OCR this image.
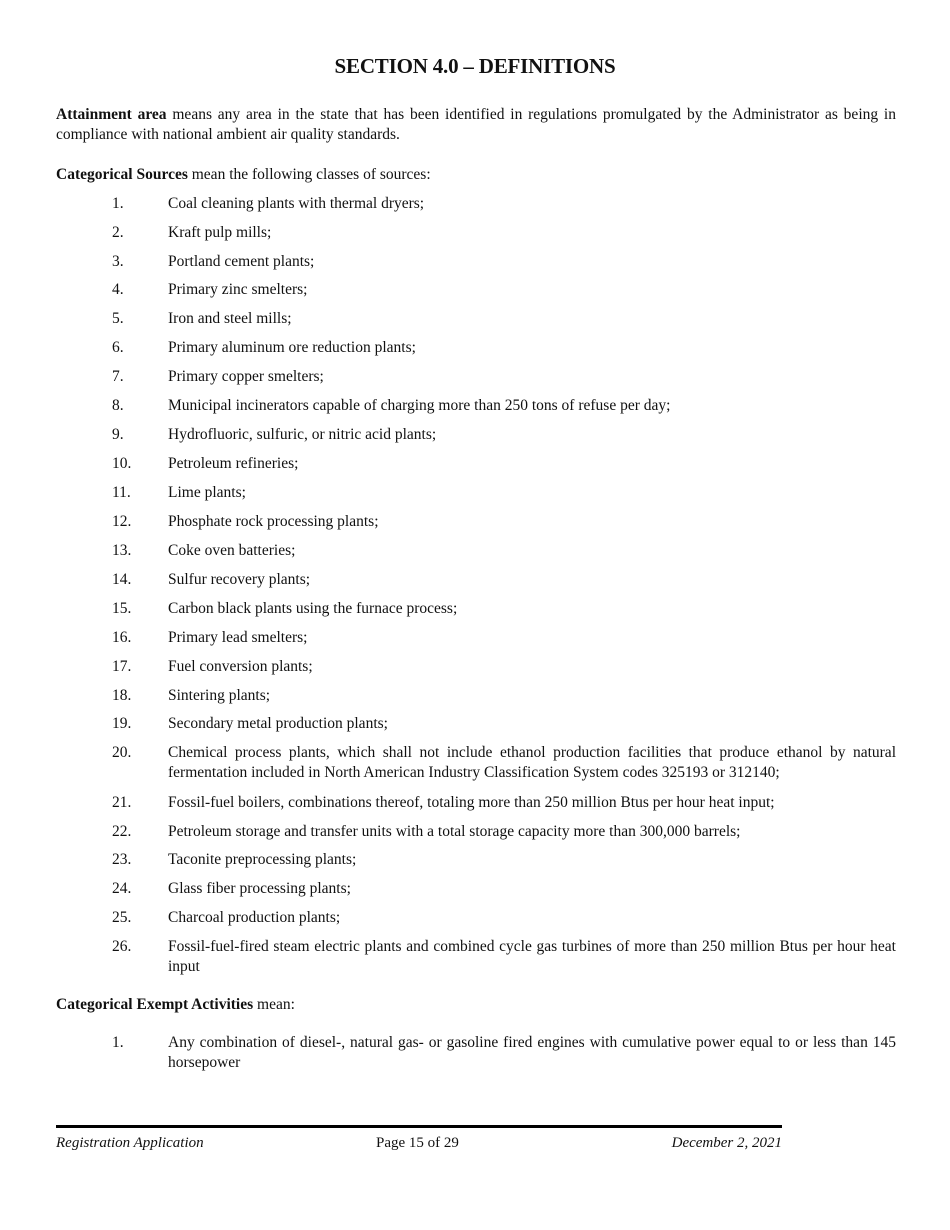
SECTION 4.0 – DEFINITIONS
Attainment area means any area in the state that has been identified in regulations promulgated by the Administrator as being in compliance with national ambient air quality standards.
Categorical Sources mean the following classes of sources:
1.	Coal cleaning plants with thermal dryers;
2.	Kraft pulp mills;
3.	Portland cement plants;
4.	Primary zinc smelters;
5.	Iron and steel mills;
6.	Primary aluminum ore reduction plants;
7.	Primary copper smelters;
8.	Municipal incinerators capable of charging more than 250 tons of refuse per day;
9.	Hydrofluoric, sulfuric, or nitric acid plants;
10.	Petroleum refineries;
11.	Lime plants;
12.	Phosphate rock processing plants;
13.	Coke oven batteries;
14.	Sulfur recovery plants;
15.	Carbon black plants using the furnace process;
16.	Primary lead smelters;
17.	Fuel conversion plants;
18.	Sintering plants;
19.	Secondary metal production plants;
20.	Chemical process plants, which shall not include ethanol production facilities that produce ethanol by natural fermentation included in North American Industry Classification System codes 325193 or 312140;
21.	Fossil-fuel boilers, combinations thereof, totaling more than 250 million Btus per hour heat input;
22.	Petroleum storage and transfer units with a total storage capacity more than 300,000 barrels;
23.	Taconite preprocessing plants;
24.	Glass fiber processing plants;
25.	Charcoal production plants;
26.	Fossil-fuel-fired steam electric plants and combined cycle gas turbines of more than 250 million Btus per hour heat input
Categorical Exempt Activities mean:
1.	Any combination of diesel-, natural gas- or gasoline fired engines with cumulative power equal to or less than 145 horsepower
Registration Application	Page 15 of 29	December 2, 2021
